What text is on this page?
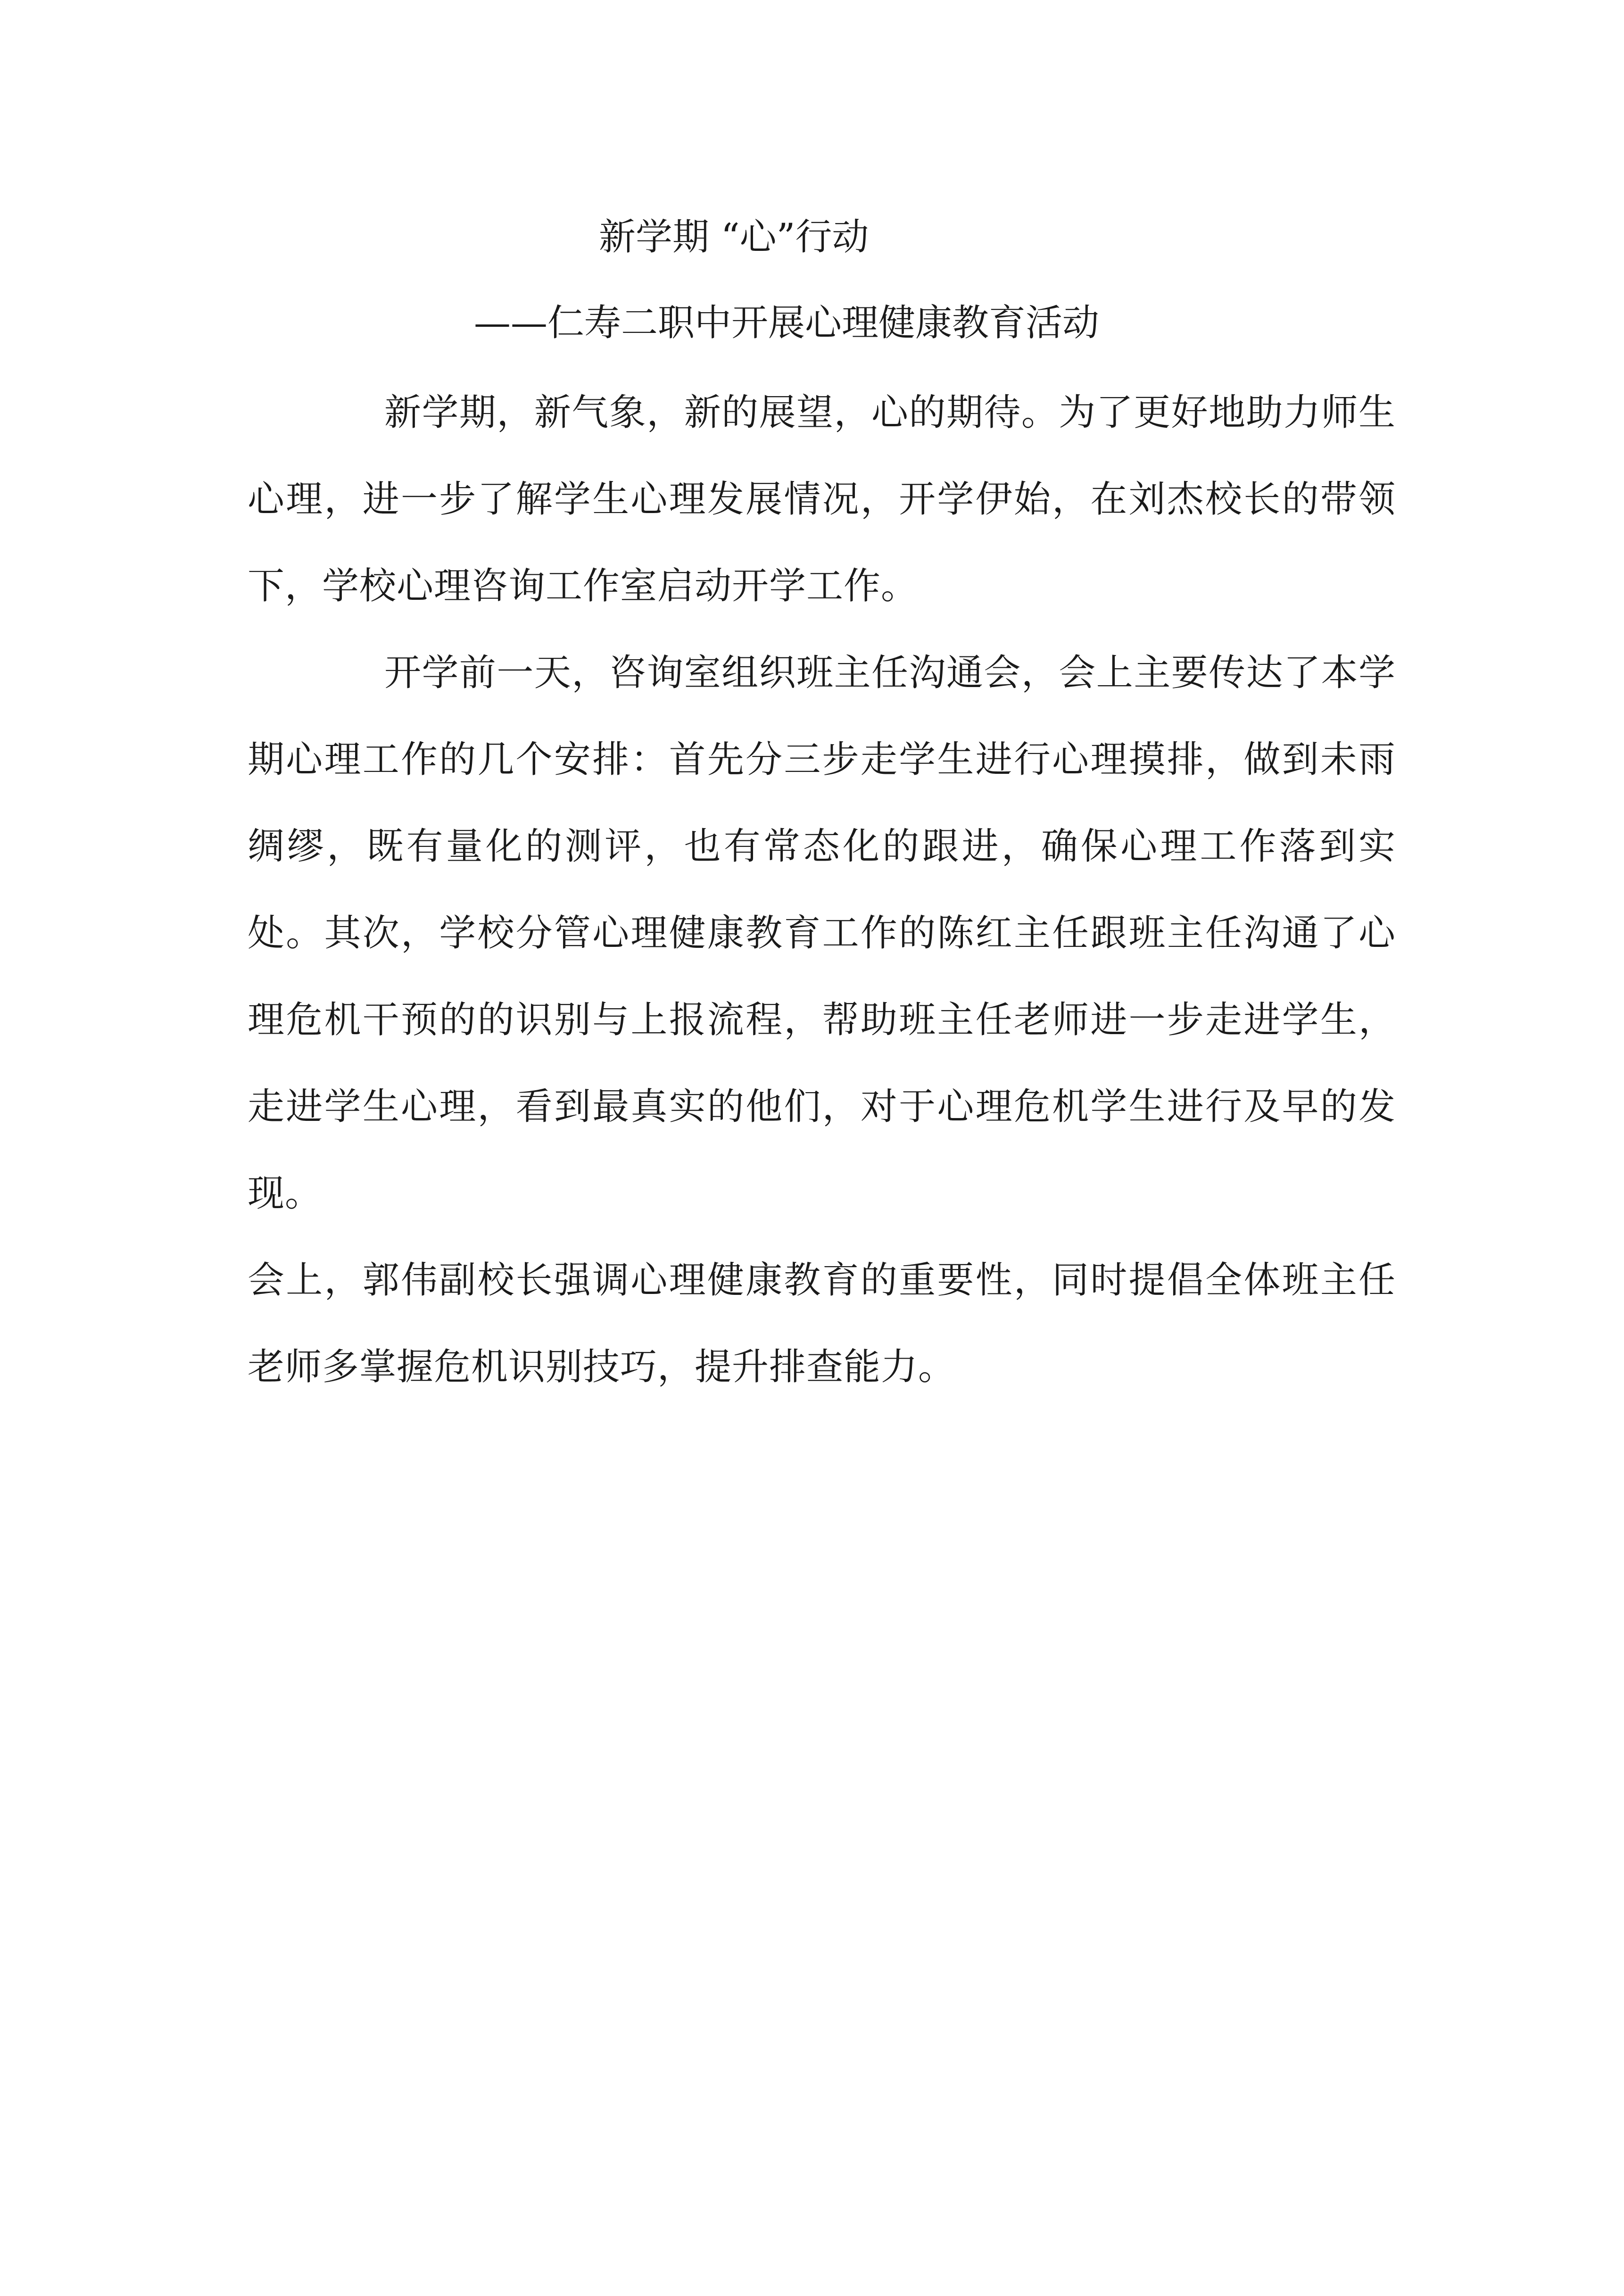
新学期 “心”行动
——仁寿二职中开展心理健康教育活动

新学期，新气象，新的展望，心的期待。为了更好地助力师生心理，进一步了解学生心理发展情况，开学伊始，在刘杰校长的带领下，学校心理咨询工作室启动开学工作。

开学前一天，咨询室组织班主任沟通会，会上主要传达了本学期心理工作的几个安排：首先分三步走学生进行心理摸排，做到未雨绸缪，既有量化的测评，也有常态化的跟进，确保心理工作落到实处。其次，学校分管心理健康教育工作的陈红主任跟班主任沟通了心理危机干预的的识别与上报流程，帮助班主任老师进一步走进学生，走进学生心理，看到最真实的他们，对于心理危机学生进行及早的发现。

会上，郭伟副校长强调心理健康教育的重要性，同时提倡全体班主任老师多掌握危机识别技巧，提升排查能力。
